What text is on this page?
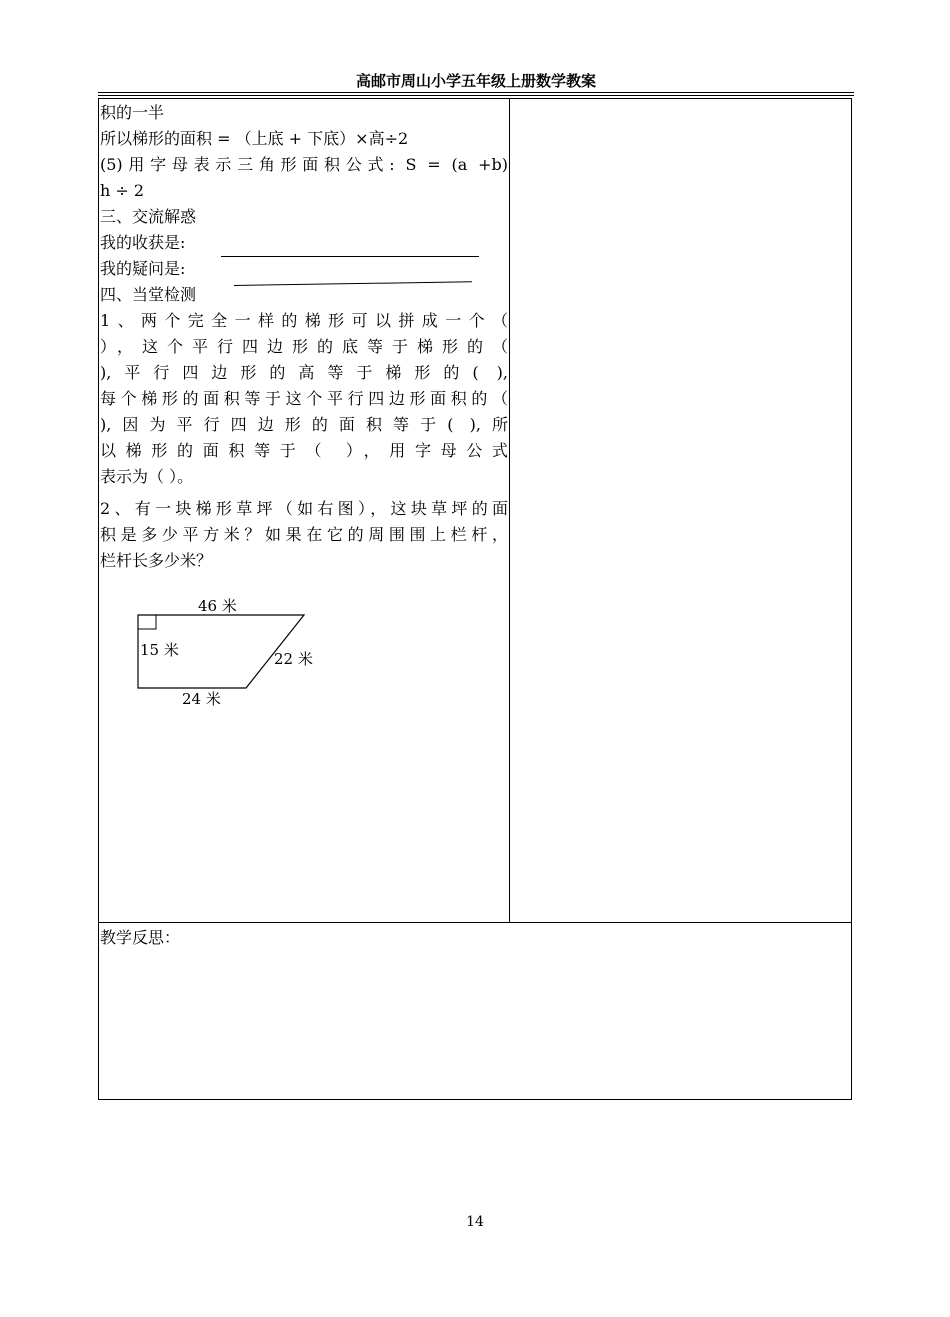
高邮市周山小学五年级上册数学教案
积的一半
所以梯形的面积 = （上底 + 下底）×高÷2
(5)用字母表示三角形面积公式: S = (a +b)
h ÷ 2
三、交流解惑
我的收获是:
我的疑问是:
四、当堂检测
1、两个完全一样的梯形可以拼成一个（
），这个平行四边形的底等于梯形的（
),平行四边形的高等于梯形的( ),
每个梯形的面积等于这个平行四边形面积的（
),因为平行四边形的面积等于( ),所
以梯形的面积等于（ ），用字母公式
表示为（ ）。
2、有一块梯形草坪（如右图），这块草坪的面
积是多少平方米？如果在它的周围围上栏杆，
栏杆长多少米？
46 米
15 米	22 米
24 米
教学反思：
14
